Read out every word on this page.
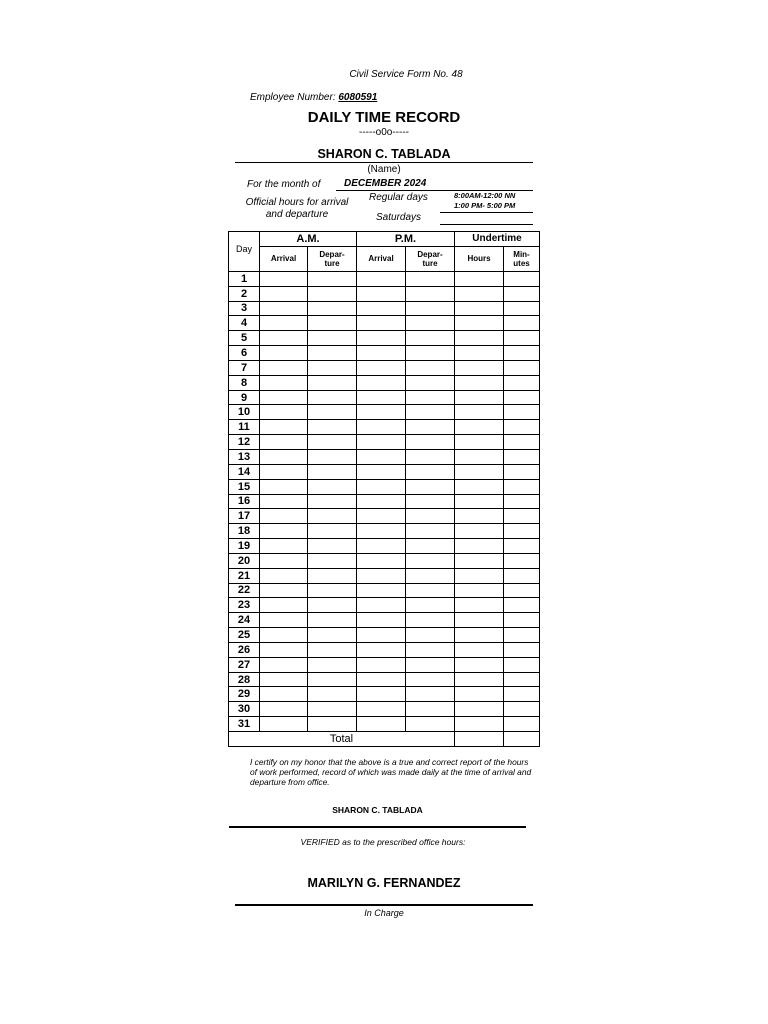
Civil Service Form No. 48
Employee Number: 6080591
DAILY TIME RECORD
-----o0o-----
SHARON C. TABLADA
(Name)
For the month of	DECEMBER 2024
Official hours for arrival and departure
Regular days
Saturdays
8:00AM-12:00 NN
1:00 PM- 5:00 PM
Day	A.M.		P.M.		Undertime	
	Arrival	Depar-
ture	Arrival	Depar-
ture	Hours	Min-
utes
1						
2						
3						
4						
5						
6						
7						
8						
9						
10						
11						
12						
13						
14						
15						
16						
17						
18						
19						
20						
21						
22						
23						
24						
25						
26						
27						
28						
29						
30						
31						
Total						
I certify on my honor that the above is a true and correct report of the hours of work performed, record of which was made daily at the time of arrival and departure from office.
SHARON C. TABLADA
VERIFIED as to the prescribed office hours:
MARILYN G. FERNANDEZ
In Charge
